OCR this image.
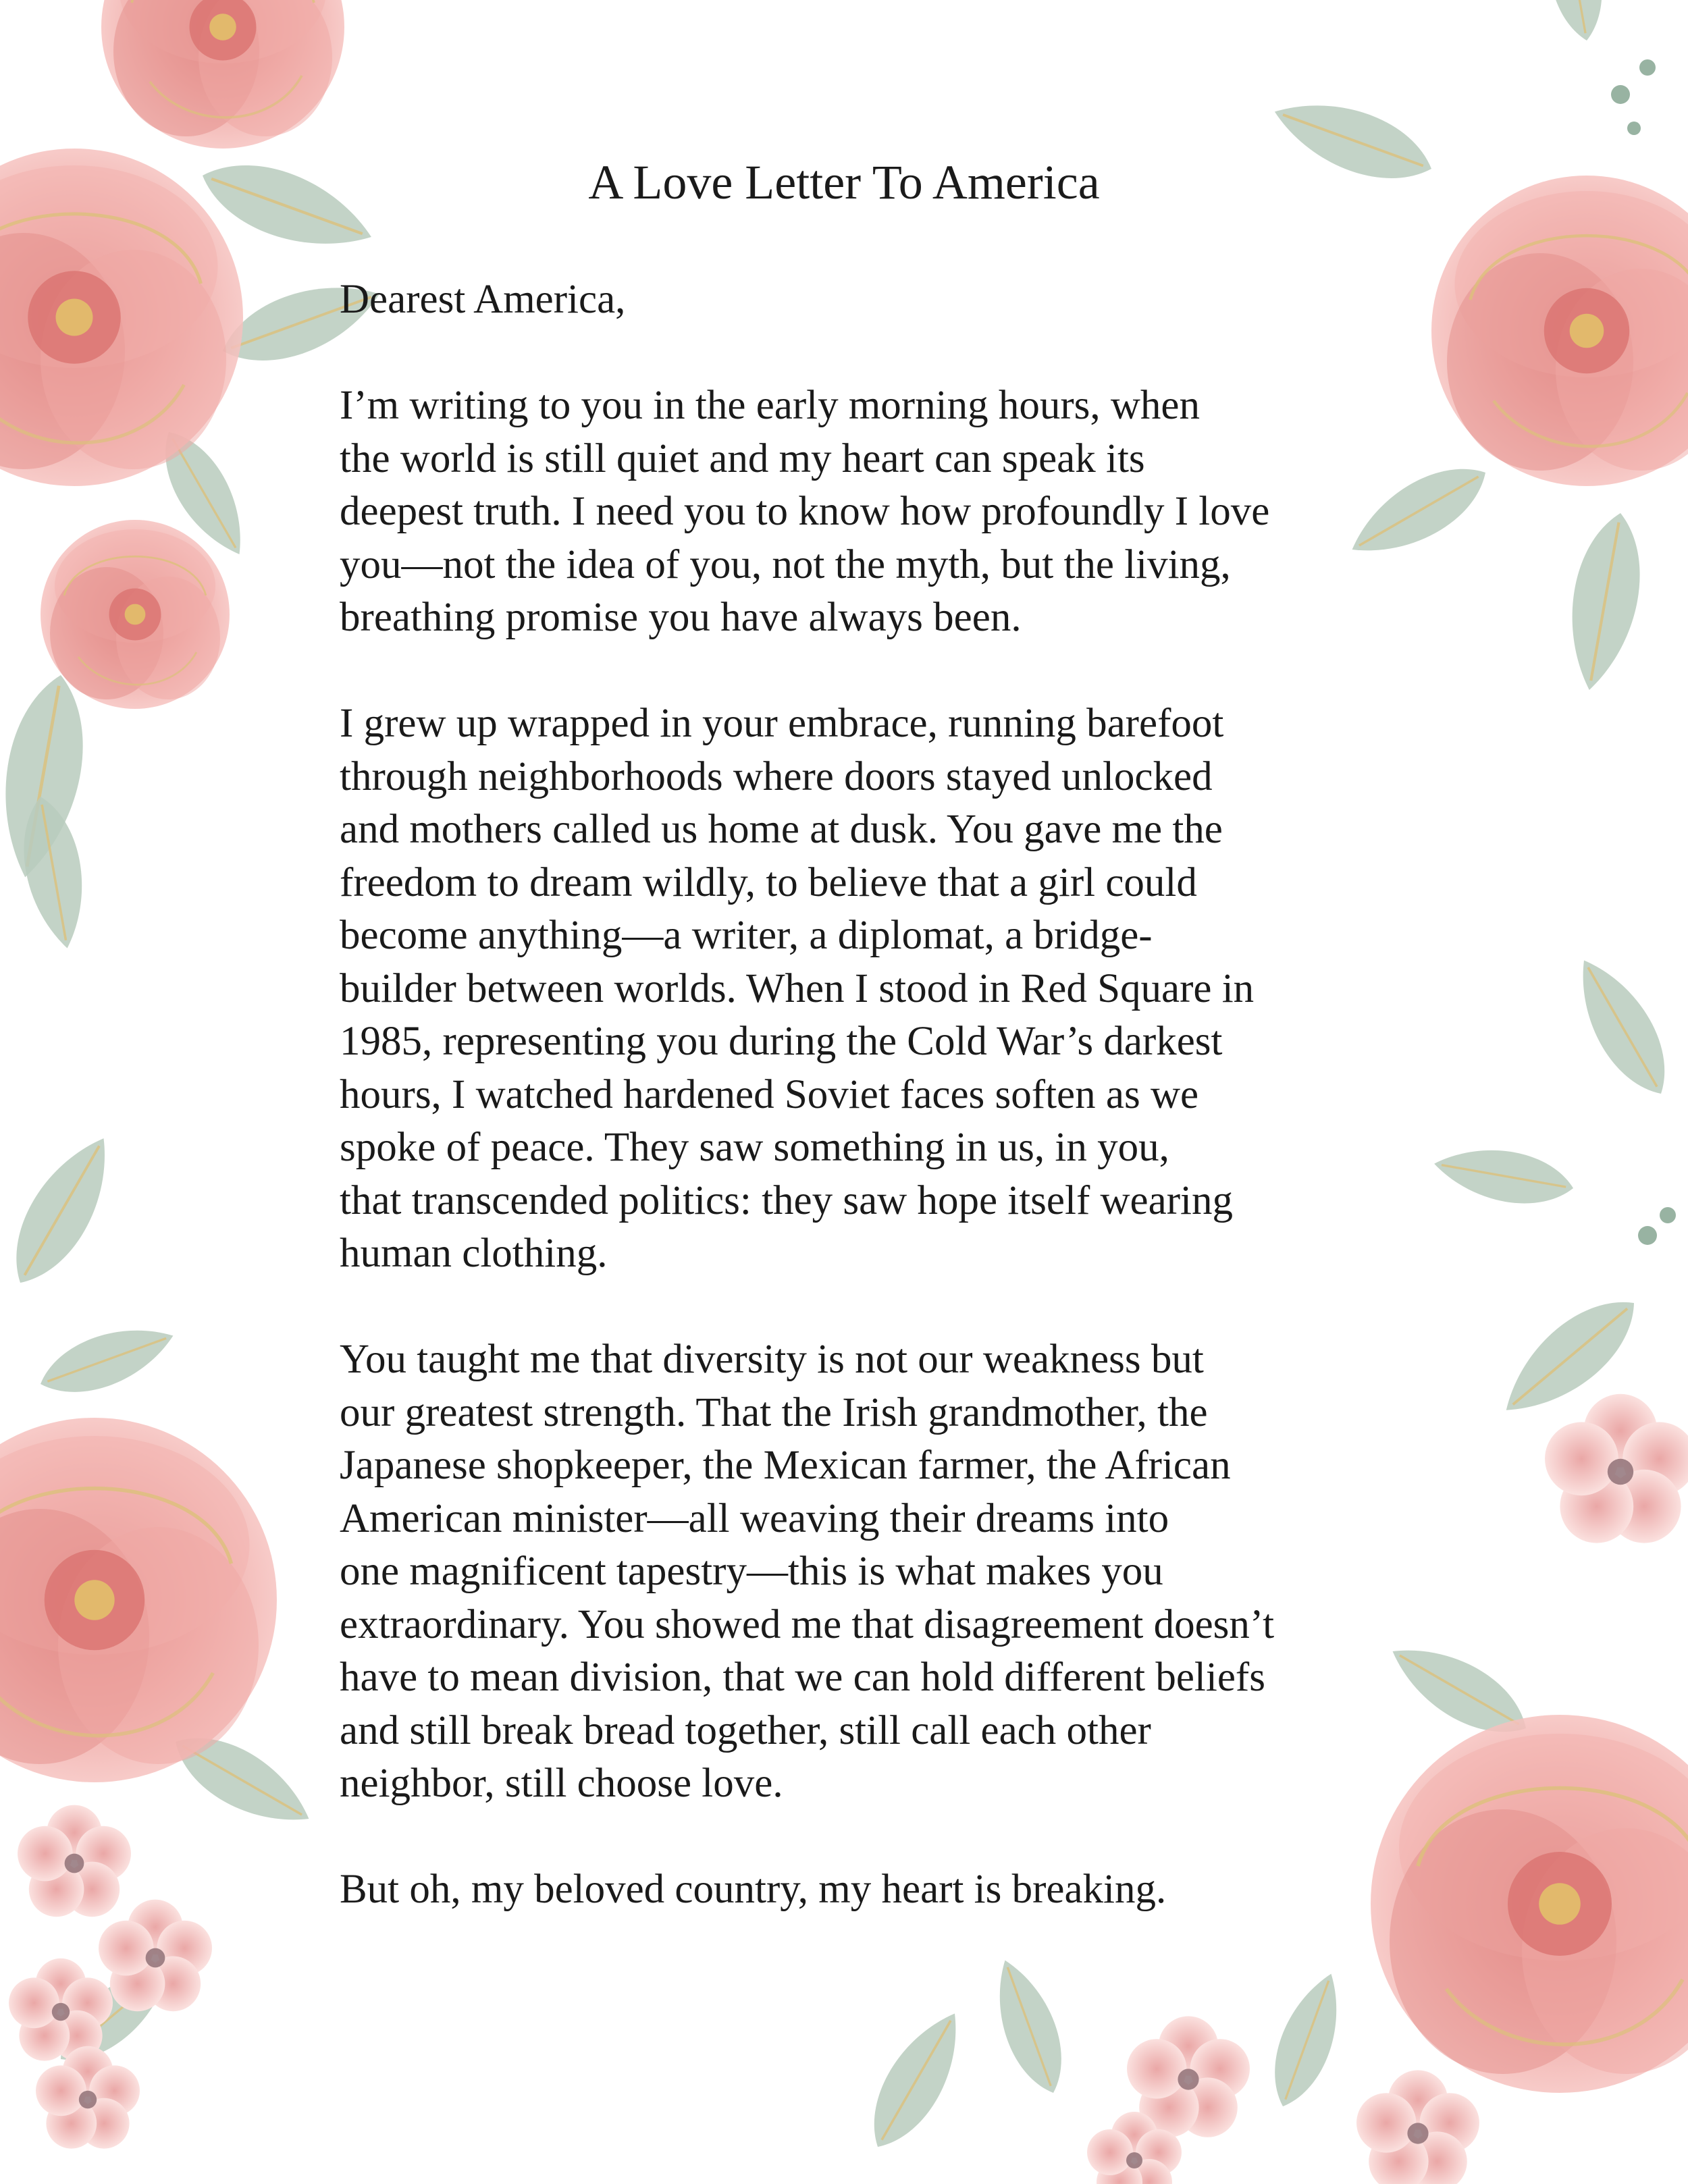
A Love Letter To America

Dearest America,

I’m writing to you in the early morning hours, when
the world is still quiet and my heart can speak its
deepest truth. I need you to know how profoundly I love
you—not the idea of you, not the myth, but the living,
breathing promise you have always been.

I grew up wrapped in your embrace, running barefoot
through neighborhoods where doors stayed unlocked
and mothers called us home at dusk. You gave me the
freedom to dream wildly, to believe that a girl could
become anything—a writer, a diplomat, a bridge-
builder between worlds. When I stood in Red Square in
1985, representing you during the Cold War’s darkest
hours, I watched hardened Soviet faces soften as we
spoke of peace. They saw something in us, in you,
that transcended politics: they saw hope itself wearing
human clothing.

You taught me that diversity is not our weakness but
our greatest strength. That the Irish grandmother, the
Japanese shopkeeper, the Mexican farmer, the African
American minister—all weaving their dreams into
one magnificent tapestry—this is what makes you
extraordinary. You showed me that disagreement doesn’t
have to mean division, that we can hold different beliefs
and still break bread together, still call each other
neighbor, still choose love.

But oh, my beloved country, my heart is breaking.
